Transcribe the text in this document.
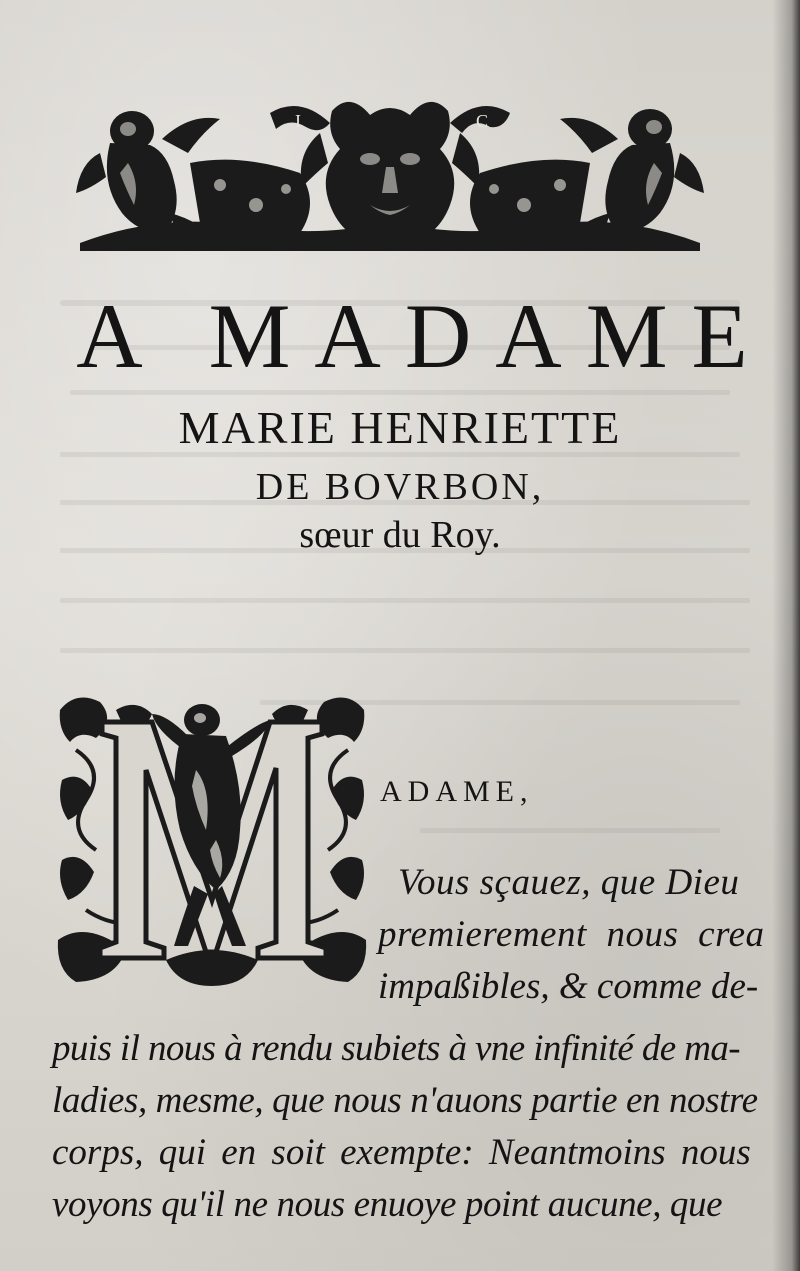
I	C
A MADAME
MARIE HENRIETTE
DE BOVRBON,
sœur du Roy.
ADAME,
Vous sçauez, que Dieu
premierement nous crea
impaßibles, & comme de-
puis il nous à rendu subiets à vne infinité de ma-
ladies, mesme, que nous n'auons partie en nostre
corps, qui en soit exempte: Neantmoins nous
voyons qu'il ne nous enuoye point aucune, que
